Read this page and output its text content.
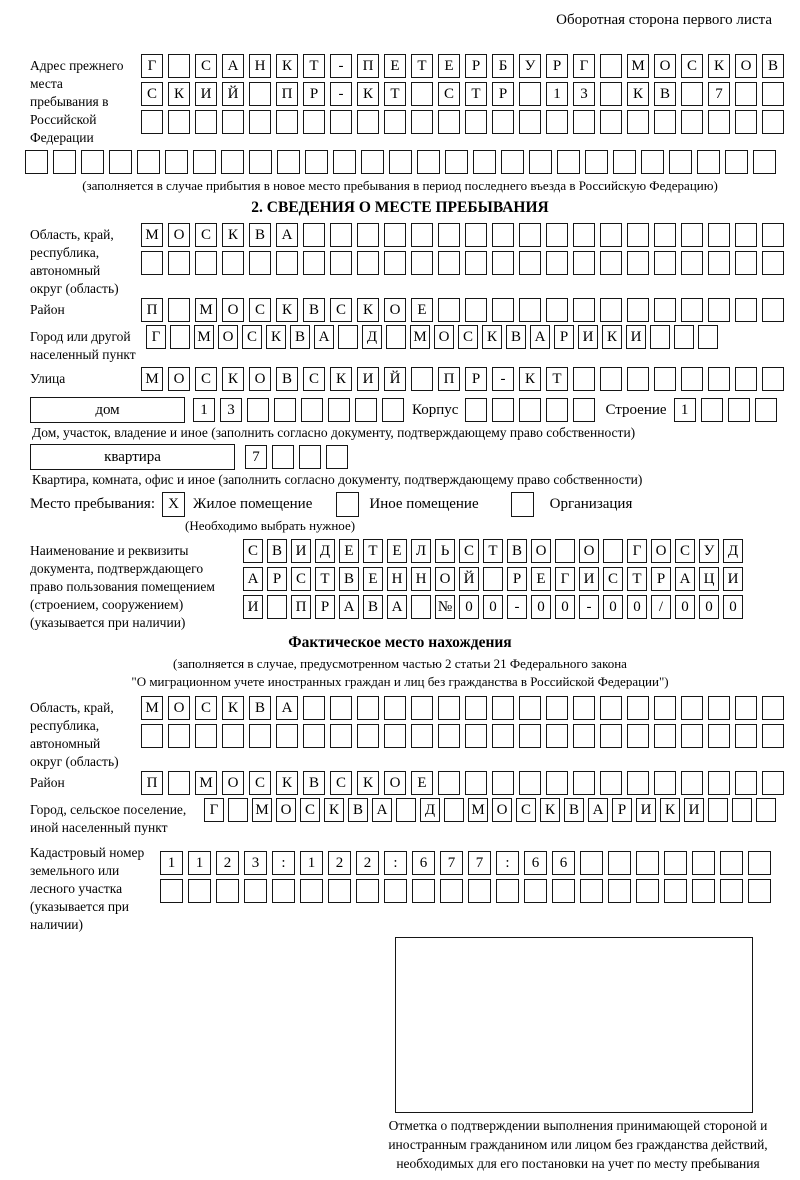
Оборотная сторона первого листа
Адрес прежнего места пребывания в Российской Федерации
Г	С	А	Н	К	Т	-	П	Е	Т	Е	Р	Б	У	Р	Г	М О	С	К	О	В
С	К	И	Й	П	Р	-	К	Т	С	Т	Р	1	3	К	В	7
(заполняется в случае прибытия в новое место пребывания в период последнего въезда в Российскую Федерацию)
2. СВЕДЕНИЯ О МЕСТЕ ПРЕБЫВАНИЯ
Область, край, республика, автономный округ (область)
М О	С	К	В	А
Район	П	М О	С	К	В	С	К	О	Е
Город или другой населенный пункт
Г	М О С К В А	Д	М О С К В А Р И К И
Улица	М О	С	К	О	В	С	К	И	Й	П	Р	-	К	Т
дом	1	3	Корпус	Строение 1
Дом, участок, владение и иное (заполнить согласно документу, подтверждающему право собственности)
квартира	7
Квартира, комната, офис и иное (заполнить согласно документу, подтверждающему право собственности)
Место пребывания: X Жилое помещение	Иное помещение	Организация
(Необходимо выбрать нужное)
Наименование и реквизиты документа, подтверждающего право пользования помещением (строением, сооружением) (указывается при наличии)
С В И Д Е Т Е Л Ь С Т В О	О	Г О С У Д
А Р С Т В Е Н Н О Й	Р	Е	Г И С Т	Р А Ц И
И	П Р А В А	№ 0	0	-	0	0	-	0	0	/	0	0	0
Фактическое место нахождения
(заполняется в случае, предусмотренном частью 2 статьи 21 Федерального закона
"О миграционном учете иностранных граждан и лиц без гражданства в Российской Федерации")
Область, край, республика, автономный округ (область)
М О	С	К	В	А
Район	П	М О	С	К	В	С	К	О	Е
Город, сельское поселение, иной населенный пункт
Г	М О С К В А	Д	М О С К В А Р И К И
Кадастровый номер земельного или лесного участка (указывается при наличии)
1	1	2	3	:	1	2	2	:	6	7	7	:	6	6
Отметка о подтверждении выполнения принимающей стороной и иностранным гражданином или лицом без гражданства действий, необходимых для его постановки на учет по месту пребывания
